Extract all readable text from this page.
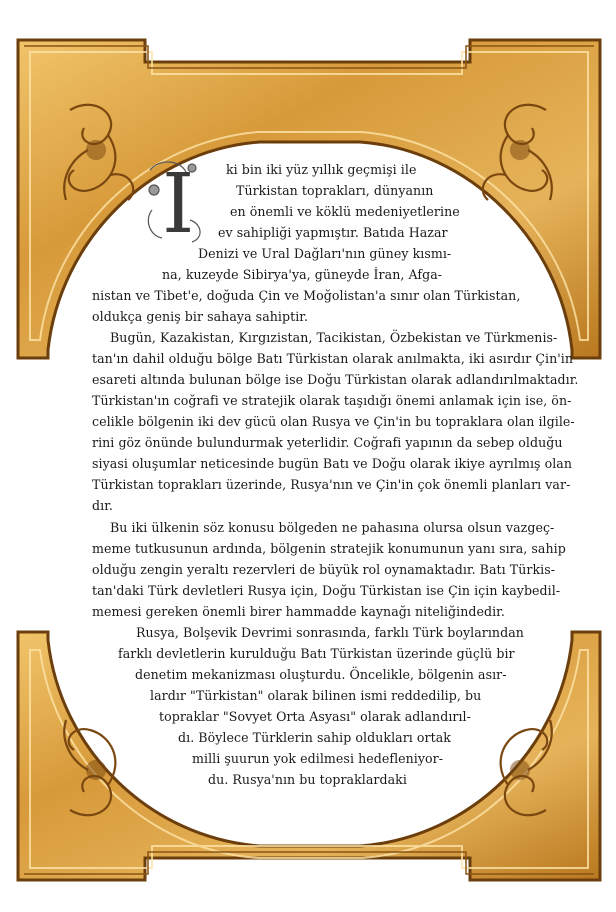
I	ki bin iki yüz yıllık geçmişi ile
Türkistan toprakları, dünyanın
en önemli ve köklü medeniyetlerine
ev sahipliği yapmıştır. Batıda Hazar
Denizi ve Ural Dağları'nın güney kısmı-
na, kuzeyde Sibirya'ya, güneyde İran, Afga-
nistan ve Tibet'e, doğuda Çin ve Moğolistan'a sınır olan Türkistan,
oldukça geniş bir sahaya sahiptir.
Bugün, Kazakistan, Kırgızistan, Tacikistan, Özbekistan ve Türkmenis-
tan'ın dahil olduğu bölge Batı Türkistan olarak anılmakta, iki asırdır Çin'in
esareti altında bulunan bölge ise Doğu Türkistan olarak adlandırılmaktadır.
Türkistan'ın coğrafi ve stratejik olarak taşıdığı önemi anlamak için ise, ön-
celikle bölgenin iki dev gücü olan Rusya ve Çin'in bu topraklara olan ilgile-
rini göz önünde bulundurmak yeterlidir. Coğrafi yapının da sebep olduğu
siyasi oluşumlar neticesinde bugün Batı ve Doğu olarak ikiye ayrılmış olan
Türkistan toprakları üzerinde, Rusya'nın ve Çin'in çok önemli planları var-
dır.
Bu iki ülkenin söz konusu bölgeden ne pahasına olursa olsun vazgeç-
meme tutkusunun ardında, bölgenin stratejik konumunun yanı sıra, sahip
olduğu zengin yeraltı rezervleri de büyük rol oynamaktadır. Batı Türkis-
tan'daki Türk devletleri Rusya için, Doğu Türkistan ise Çin için kaybedil-
memesi gereken önemli birer hammadde kaynağı niteliğindedir.
Rusya, Bolşevik Devrimi sonrasında, farklı Türk boylarından
farklı devletlerin kurulduğu Batı Türkistan üzerinde güçlü bir
denetim mekanizması oluşturdu. Öncelikle, bölgenin asır-
lardır "Türkistan" olarak bilinen ismi reddedilip, bu
topraklar "Sovyet Orta Asyası" olarak adlandırıl-
dı. Böylece Türklerin sahip oldukları ortak
milli şuurun yok edilmesi hedefleniyor-
du. Rusya'nın bu topraklardaki
